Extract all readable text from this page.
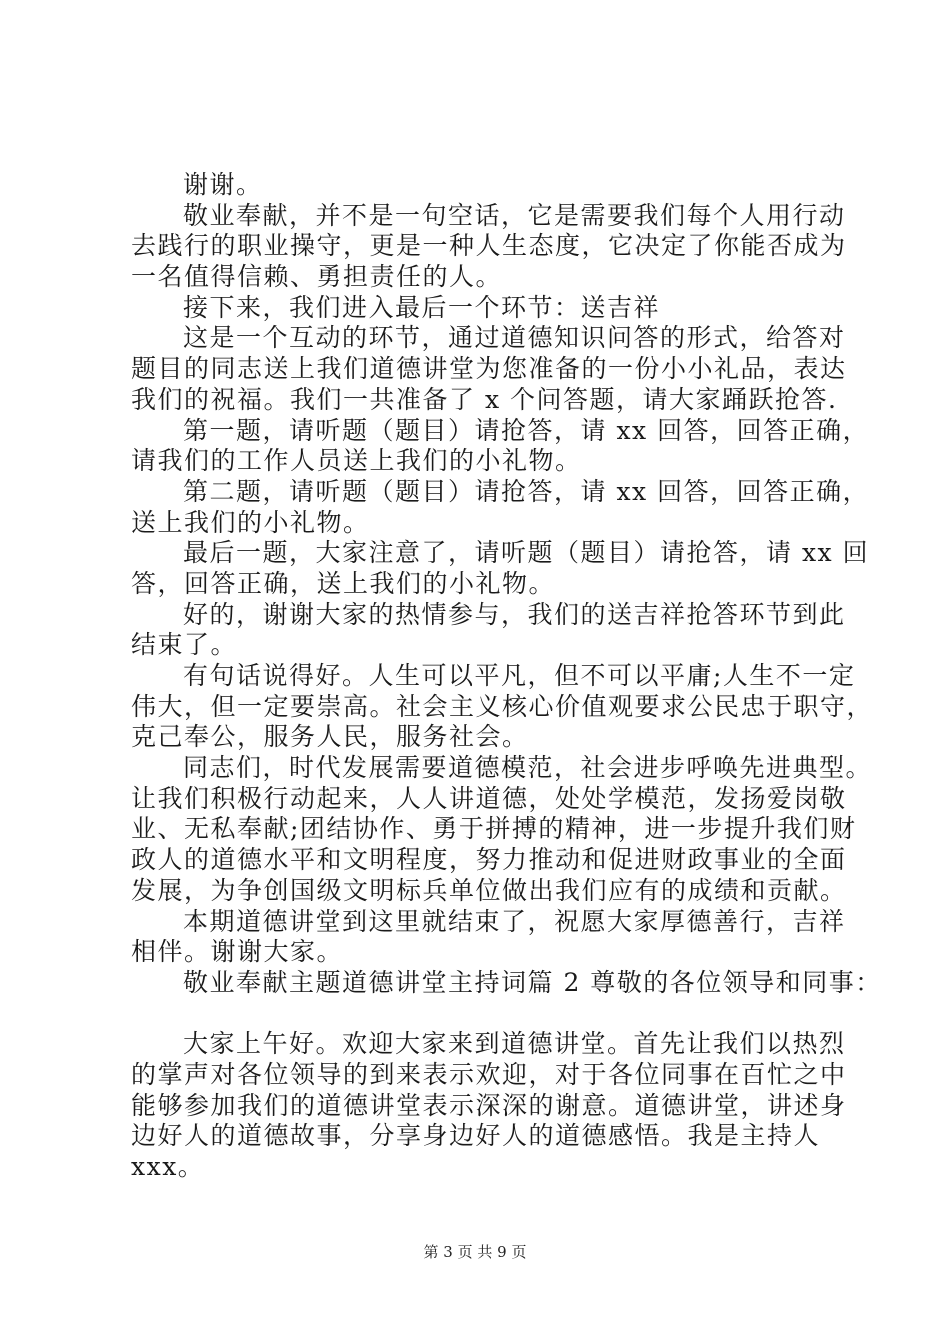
谢谢。
敬业奉献，并不是一句空话，它是需要我们每个人用行动
去践行的职业操守，更是一种人生态度，它决定了你能否成为
一名值得信赖、勇担责任的人。
接下来，我们进入最后一个环节：送吉祥
这是一个互动的环节，通过道德知识问答的形式，给答对
题目的同志送上我们道德讲堂为您准备的一份小小礼品，表达
我们的祝福。我们一共准备了 x 个问答题，请大家踊跃抢答.
第一题，请听题（题目）请抢答，请 xx 回答，回答正确，
请我们的工作人员送上我们的小礼物。
第二题，请听题（题目）请抢答，请 xx 回答，回答正确，
送上我们的小礼物。
最后一题，大家注意了，请听题（题目）请抢答，请 xx 回
答，回答正确，送上我们的小礼物。
好的，谢谢大家的热情参与，我们的送吉祥抢答环节到此
结束了。
有句话说得好。人生可以平凡，但不可以平庸;人生不一定
伟大，但一定要崇高。社会主义核心价值观要求公民忠于职守，
克己奉公，服务人民，服务社会。
同志们，时代发展需要道德模范，社会进步呼唤先进典型。
让我们积极行动起来，人人讲道德，处处学模范，发扬爱岗敬
业、无私奉献;团结协作、勇于拼搏的精神，进一步提升我们财
政人的道德水平和文明程度，努力推动和促进财政事业的全面
发展，为争创国级文明标兵单位做出我们应有的成绩和贡献。
本期道德讲堂到这里就结束了，祝愿大家厚德善行，吉祥
相伴。谢谢大家。
敬业奉献主题道德讲堂主持词篇 2 尊敬的各位领导和同事：
大家上午好。欢迎大家来到道德讲堂。首先让我们以热烈
的掌声对各位领导的到来表示欢迎，对于各位同事在百忙之中
能够参加我们的道德讲堂表示深深的谢意。道德讲堂，讲述身
边好人的道德故事，分享身边好人的道德感悟。我是主持人
xxx。
第 3 页 共 9 页
